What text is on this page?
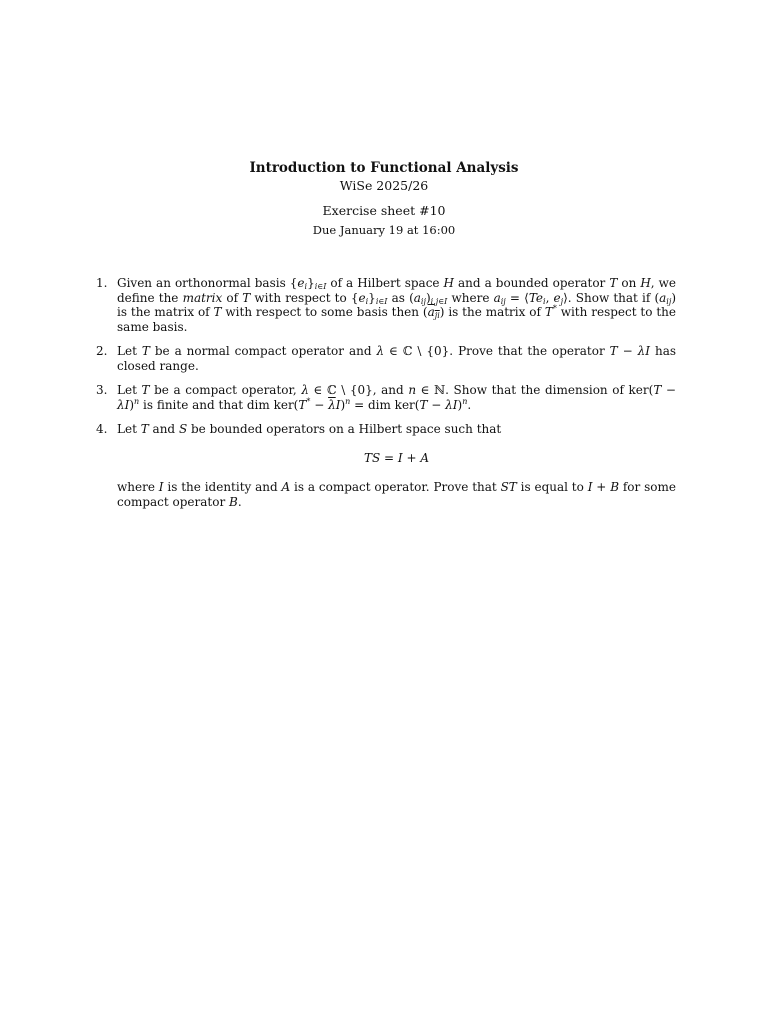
Introduction to Functional Analysis
WiSe 2025/26
Exercise sheet #10
Due January 19 at 16:00
1. Given an orthonormal basis $\{e_i\}_{i\in I}$ of a Hilbert space H and a bounded operator T on H, we define the matrix of T with respect to $\{e_i\}_{i\in I}$ as $(a_{ij})_{i,j\in I}$ where $a_{ij}$ = $⟨Te_i$, $e_j⟩$. Show that if $(a_{ij})$ is the matrix of T with respect to some basis then $(a_{ji})$ is the matrix of T* with respect to the same basis.

2. Let T be a normal compact operator and λ ∈ ℂ \ {0}. Prove that the operator T − λI has closed range.

3. Let T be a compact operator, λ ∈ ℂ \ {0}, and n ∈ ℕ. Show that the dimension of $ker(T - \lambda I)^n$ is finite and that dim $ker(T^* - \overline{\lambda}I)^n$ = dim $ker(T - \lambda I)^n$.

4. Let T and S be bounded operators on a Hilbert space such that

TS = I + A

where I is the identity and A is a compact operator. Prove that ST is equal to I + B for some compact operator B.
